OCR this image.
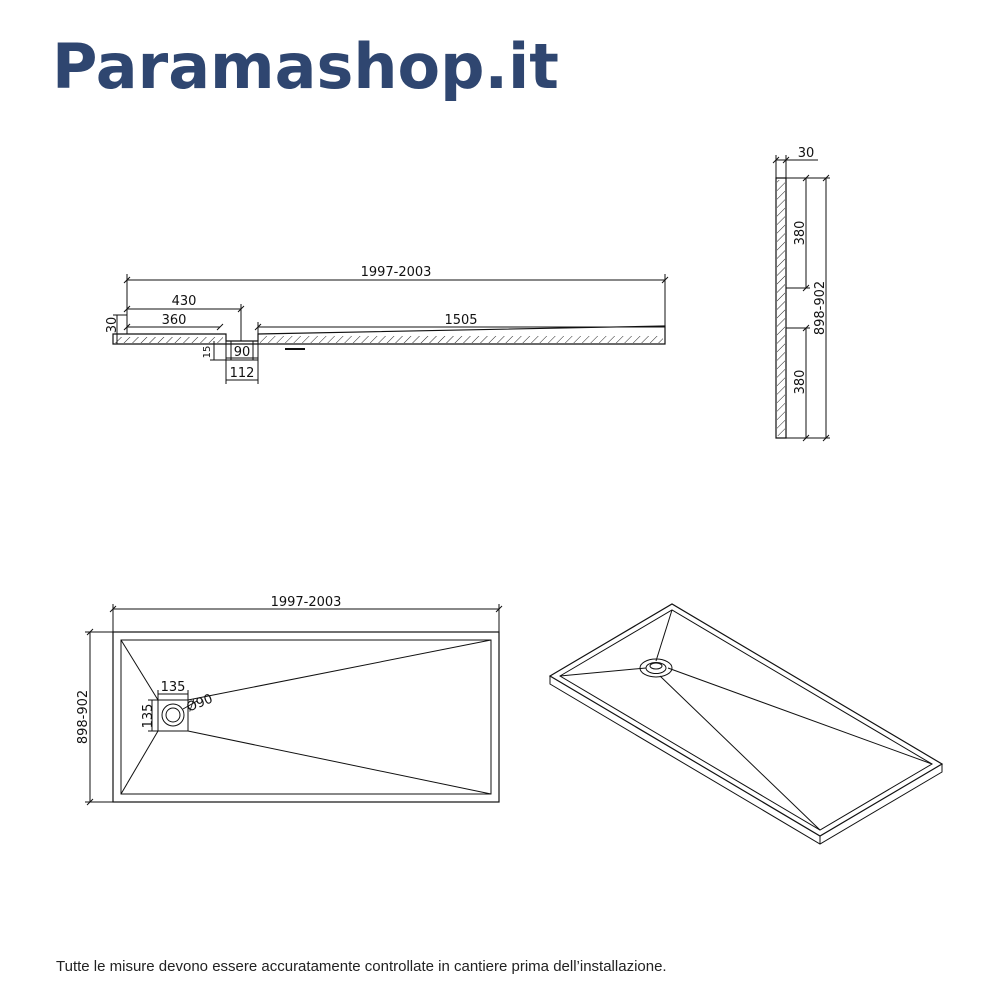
Paramashop.it
1997-2003
430
360	1505
30
15 90
112
30
380
380
898-902
1997-2003
898-902
135
135
Ø90
Tutte le misure devono essere accuratamente controllate in cantiere prima dell’installazione.
